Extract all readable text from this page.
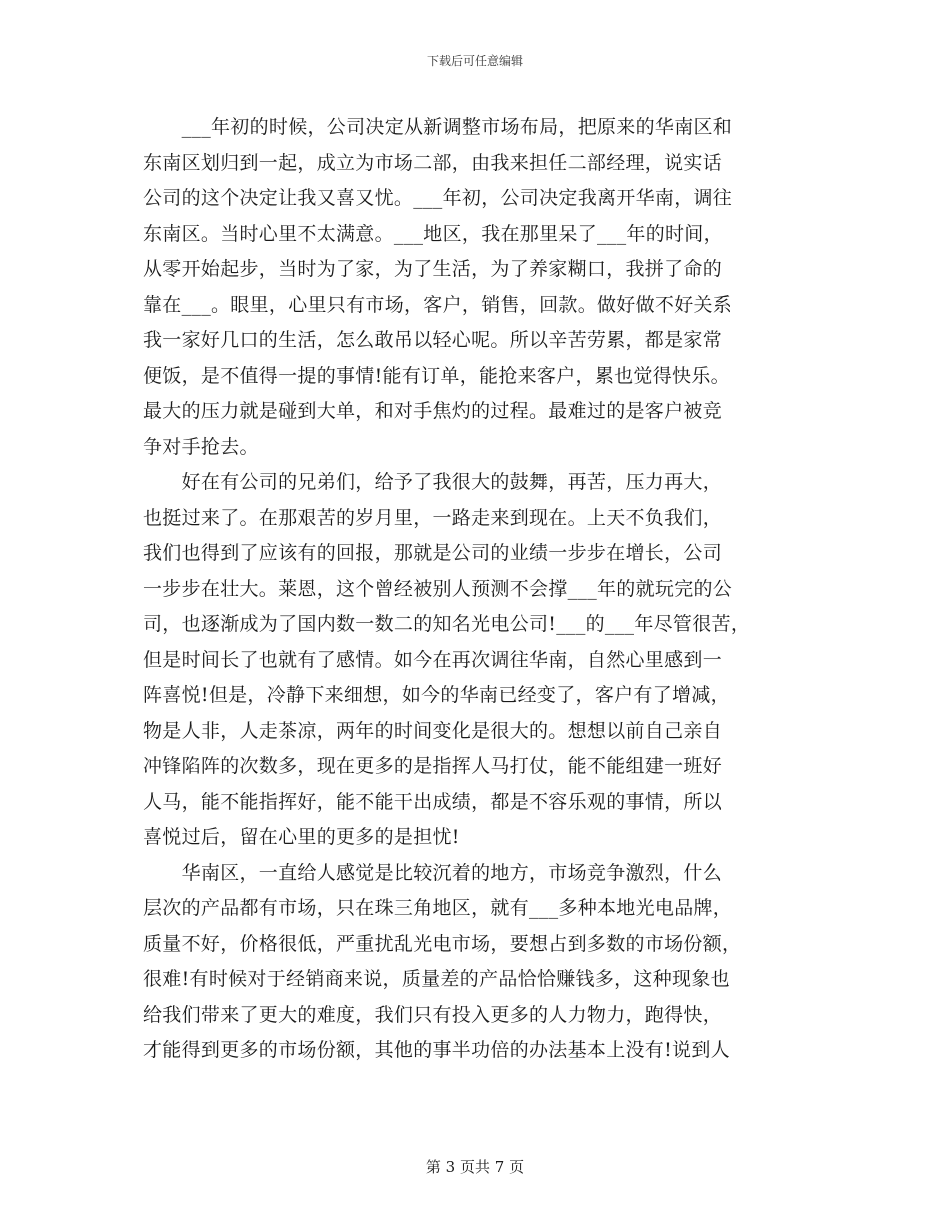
下载后可任意编辑
　　___年初的时候，公司决定从新调整市场布局，把原来的华南区和
东南区划归到一起，成立为市场二部，由我来担任二部经理，说实话
公司的这个决定让我又喜又忧。___年初，公司决定我离开华南，调往
东南区。当时心里不太满意。___地区，我在那里呆了___年的时间，
从零开始起步，当时为了家，为了生活，为了养家糊口，我拼了命的
靠在___。眼里，心里只有市场，客户，销售，回款。做好做不好关系
我一家好几口的生活，怎么敢吊以轻心呢。所以辛苦劳累，都是家常
便饭，是不值得一提的事情!能有订单，能抢来客户，累也觉得快乐。
最大的压力就是碰到大单，和对手焦灼的过程。最难过的是客户被竞
争对手抢去。
　　好在有公司的兄弟们，给予了我很大的鼓舞，再苦，压力再大，
也挺过来了。在那艰苦的岁月里，一路走来到现在。上天不负我们，
我们也得到了应该有的回报，那就是公司的业绩一步步在增长，公司
一步步在壮大。莱恩，这个曾经被别人预测不会撑___年的就玩完的公
司，也逐渐成为了国内数一数二的知名光电公司!___的___年尽管很苦，
但是时间长了也就有了感情。如今在再次调往华南，自然心里感到一
阵喜悦!但是，冷静下来细想，如今的华南已经变了，客户有了增减，
物是人非，人走茶凉，两年的时间变化是很大的。想想以前自己亲自
冲锋陷阵的次数多，现在更多的是指挥人马打仗，能不能组建一班好
人马，能不能指挥好，能不能干出成绩，都是不容乐观的事情，所以
喜悦过后，留在心里的更多的是担忧!
　　华南区，一直给人感觉是比较沉着的地方，市场竞争激烈，什么
层次的产品都有市场，只在珠三角地区，就有___多种本地光电品牌，
质量不好，价格很低，严重扰乱光电市场，要想占到多数的市场份额，
很难!有时候对于经销商来说，质量差的产品恰恰赚钱多，这种现象也
给我们带来了更大的难度，我们只有投入更多的人力物力，跑得快，
才能得到更多的市场份额，其他的事半功倍的办法基本上没有!说到人
第 3 页共 7 页
